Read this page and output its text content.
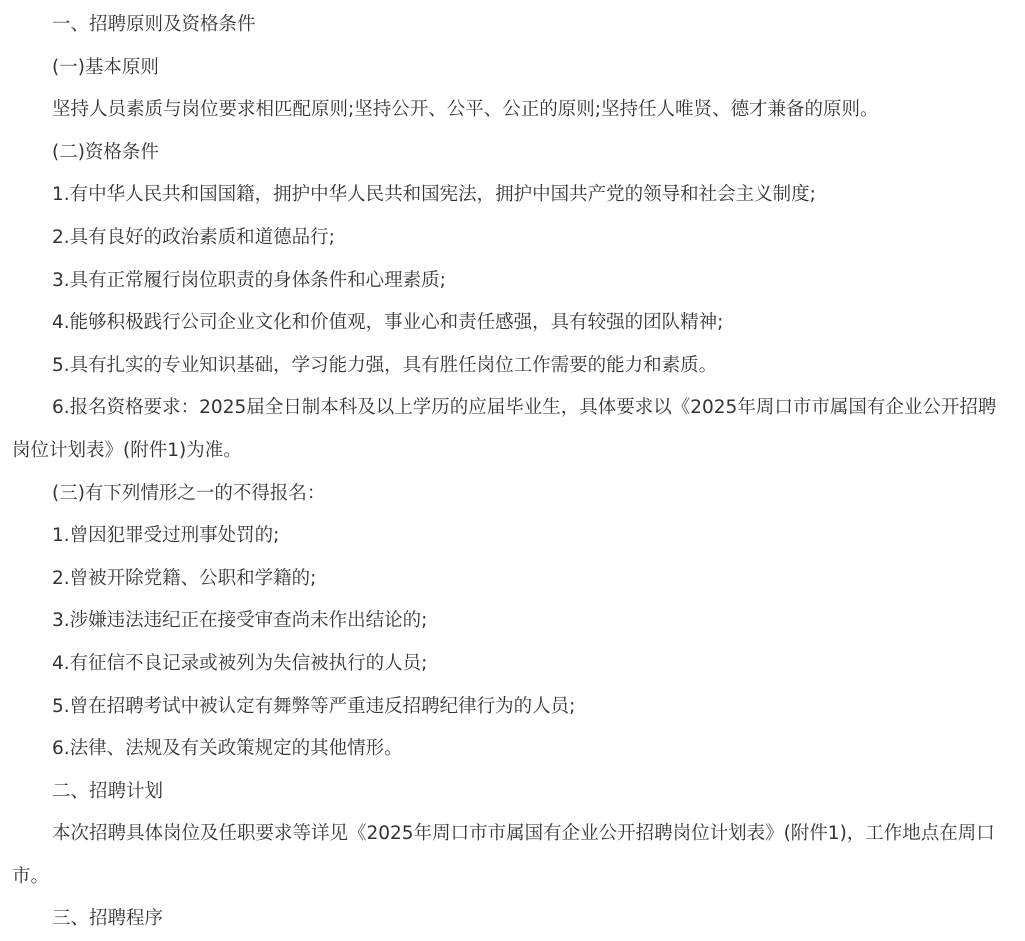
一、招聘原则及资格条件

(一)基本原则

坚持人员素质与岗位要求相匹配原则;坚持公开、公平、公正的原则;坚持任人唯贤、德才兼备的原则。

(二)资格条件

1.有中华人民共和国国籍，拥护中华人民共和国宪法，拥护中国共产党的领导和社会主义制度;

2.具有良好的政治素质和道德品行;

3.具有正常履行岗位职责的身体条件和心理素质;

4.能够积极践行公司企业文化和价值观，事业心和责任感强，具有较强的团队精神;

5.具有扎实的专业知识基础，学习能力强，具有胜任岗位工作需要的能力和素质。

6.报名资格要求：2025届全日制本科及以上学历的应届毕业生，具体要求以《2025年周口市市属国有企业公开招聘岗位计划表》(附件1)为准。

(三)有下列情形之一的不得报名：

1.曾因犯罪受过刑事处罚的;

2.曾被开除党籍、公职和学籍的;

3.涉嫌违法违纪正在接受审查尚未作出结论的;

4.有征信不良记录或被列为失信被执行的人员;

5.曾在招聘考试中被认定有舞弊等严重违反招聘纪律行为的人员;

6.法律、法规及有关政策规定的其他情形。

二、招聘计划

本次招聘具体岗位及任职要求等详见《2025年周口市市属国有企业公开招聘岗位计划表》(附件1)，工作地点在周口市。

三、招聘程序
